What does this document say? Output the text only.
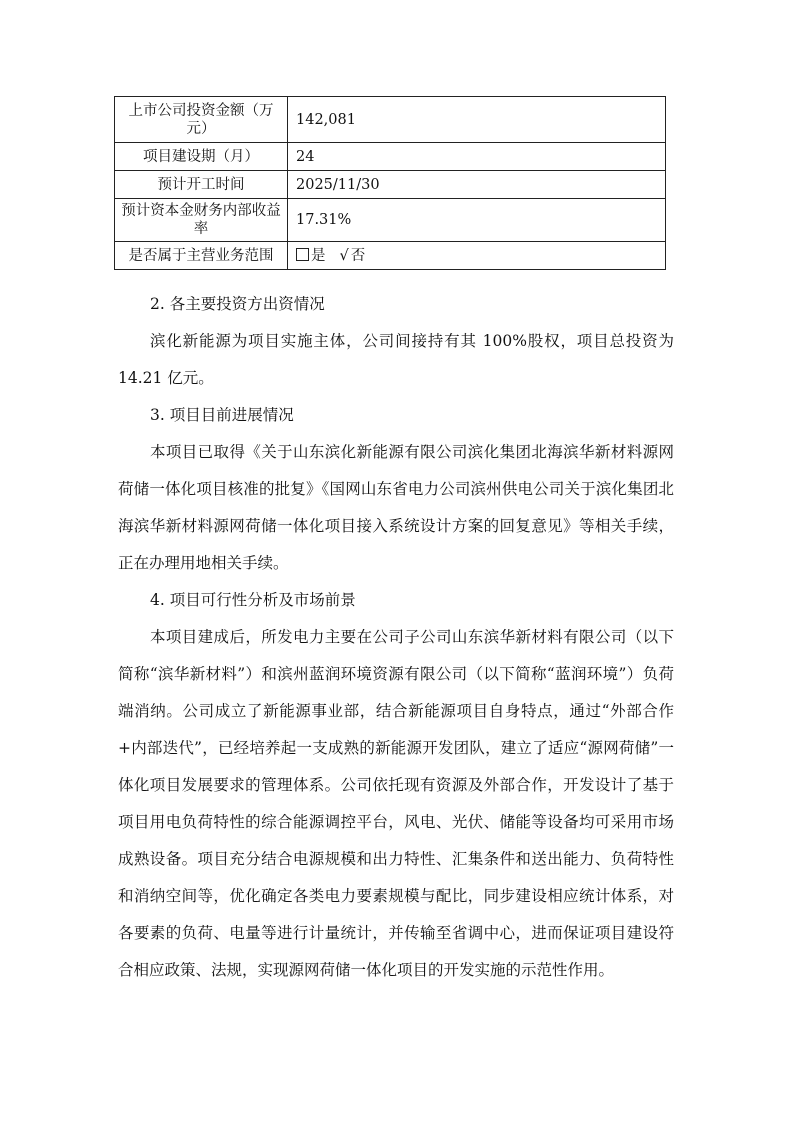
上市公司投资金额（万元）	142,081
项目建设期（月）	24
预计开工时间	2025/11/30
预计资本金财务内部收益率	17.31%
是否属于主营业务范围	是 √ 否

2. 各主要投资方出资情况

滨化新能源为项目实施主体，公司间接持有其 100%股权，项目总投资为 14.21 亿元。

3. 项目目前进展情况

本项目已取得《关于山东滨化新能源有限公司滨化集团北海滨华新材料源网荷储一体化项目核准的批复》《国网山东省电力公司滨州供电公司关于滨化集团北海滨华新材料源网荷储一体化项目接入系统设计方案的回复意见》等相关手续，正在办理用地相关手续。

4. 项目可行性分析及市场前景

本项目建成后，所发电力主要在公司子公司山东滨华新材料有限公司（以下简称“滨华新材料”）和滨州蓝润环境资源有限公司（以下简称“蓝润环境”）负荷端消纳。公司成立了新能源事业部，结合新能源项目自身特点，通过“外部合作+内部迭代”，已经培养起一支成熟的新能源开发团队，建立了适应“源网荷储”一体化项目发展要求的管理体系。公司依托现有资源及外部合作，开发设计了基于项目用电负荷特性的综合能源调控平台，风电、光伏、储能等设备均可采用市场成熟设备。项目充分结合电源规模和出力特性、汇集条件和送出能力、负荷特性和消纳空间等，优化确定各类电力要素规模与配比，同步建设相应统计体系，对各要素的负荷、电量等进行计量统计，并传输至省调中心，进而保证项目建设符合相应政策、法规，实现源网荷储一体化项目的开发实施的示范性作用。
